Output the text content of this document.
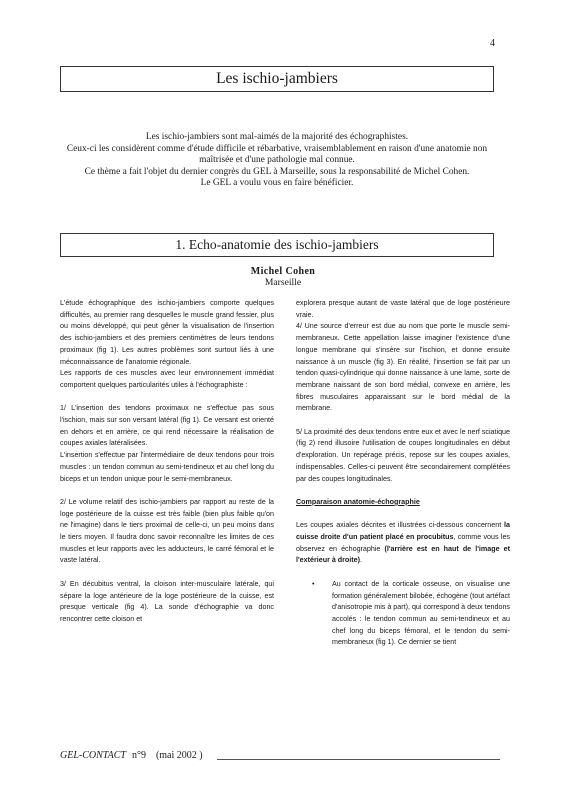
4
Les ischio-jambiers
Les ischio-jambiers sont mal-aimés de la majorité des échographistes.
Ceux-ci les considèrent comme d'étude difficile et rébarbative, vraisemblablement en raison d'une anatomie non
maîtrisée et d'une pathologie mal connue.
Ce thème a fait l'objet du dernier congrès du GEL à Marseille, sous la responsabilité de Michel Cohen.
Le GEL a voulu vous en faire bénéficier.
1. Echo-anatomie des ischio-jambiers
Michel Cohen
Marseille

L'étude échographique des ischio-jambiers comporte quelques difficultés, au premier rang desquelles le muscle grand fessier, plus ou moins développé, qui peut gêner la visualisation de l'insertion des ischio-jambiers et des premiers centimètres de leurs tendons proximaux (fig 1). Les autres problèmes sont surtout liés à une méconnaissance de l'anatomie régionale.

Les rapports de ces muscles avec leur environnement immédiat comportent quelques particularités utiles à l'échographiste :

1/ L'insertion des tendons proximaux ne s'effectue pas sous l'ischion, mais sur son versant latéral (fig 1). Ce versant est orienté en dehors et en arrière, ce qui rend nécessaire la réalisation de coupes axiales latéralisées.

L'insertion s'effectue par l'intermédiaire de deux tendons pour trois muscles : un tendon commun au semi-tendineux et au chef long du biceps et un tendon unique pour le semi-membraneux.

2/ Le volume relatif des ischio-jambiers par rapport au reste de la loge postérieure de la cuisse est très faible (bien plus faible qu'on ne l'imagine) dans le tiers proximal de celle-ci, un peu moins dans le tiers moyen. Il faudra donc savoir reconnaître les limites de ces muscles et leur rapports avec les adducteurs, le carré fémoral et le vaste latéral.

3/ En décubitus ventral, la cloison inter-musculaire latérale, qui sépare la loge antérieure de la loge postérieure de la cuisse, est presque verticale (fig 4). La sonde d'échographie va donc rencontrer cette cloison et

explorera presque autant de vaste latéral que de loge postérieure vraie.

4/ Une source d'erreur est due au nom que porte le muscle semi-membraneux. Cette appellation laisse imaginer l'existence d'une longue membrane qui s'insère sur l'ischion, et donne ensuite naissance à un muscle (fig 3). En réalité, l'insertion se fait par un tendon quasi-cylindrique qui donne naissance à une lame, sorte de membrane naissant de son bord médial, convexe en arrière, les fibres musculaires apparaissant sur le bord médial de la membrane.

5/ La proximité des deux tendons entre eux et avec le nerf sciatique (fig 2) rend illusoire l'utilisation de coupes longitudinales en début d'exploration. Un repérage précis, repose sur les coupes axiales, indispensables. Celles-ci peuvent être secondairement complétées par des coupes longitudinales.

Comparaison anatomie-échographie

Les coupes axiales décrites et illustrées ci-dessous concernent la cuisse droite d'un patient placé en procubitus, comme vous les observez en échographie (l'arrière est en haut de l'image et l'extérieur à droite).

•	Au contact de la corticale osseuse, on visualise une formation généralement bilobée, échogène (tout artéfact d'anisotropie mis à part), qui correspond à deux tendons accolés : le tendon commun au semi-tendineux et au chef long du biceps fémoral, et le tendon du semi-membraneux (fig 1). Ce dernier se tient
GEL-CONTACT n°9 (mai 2002 )
